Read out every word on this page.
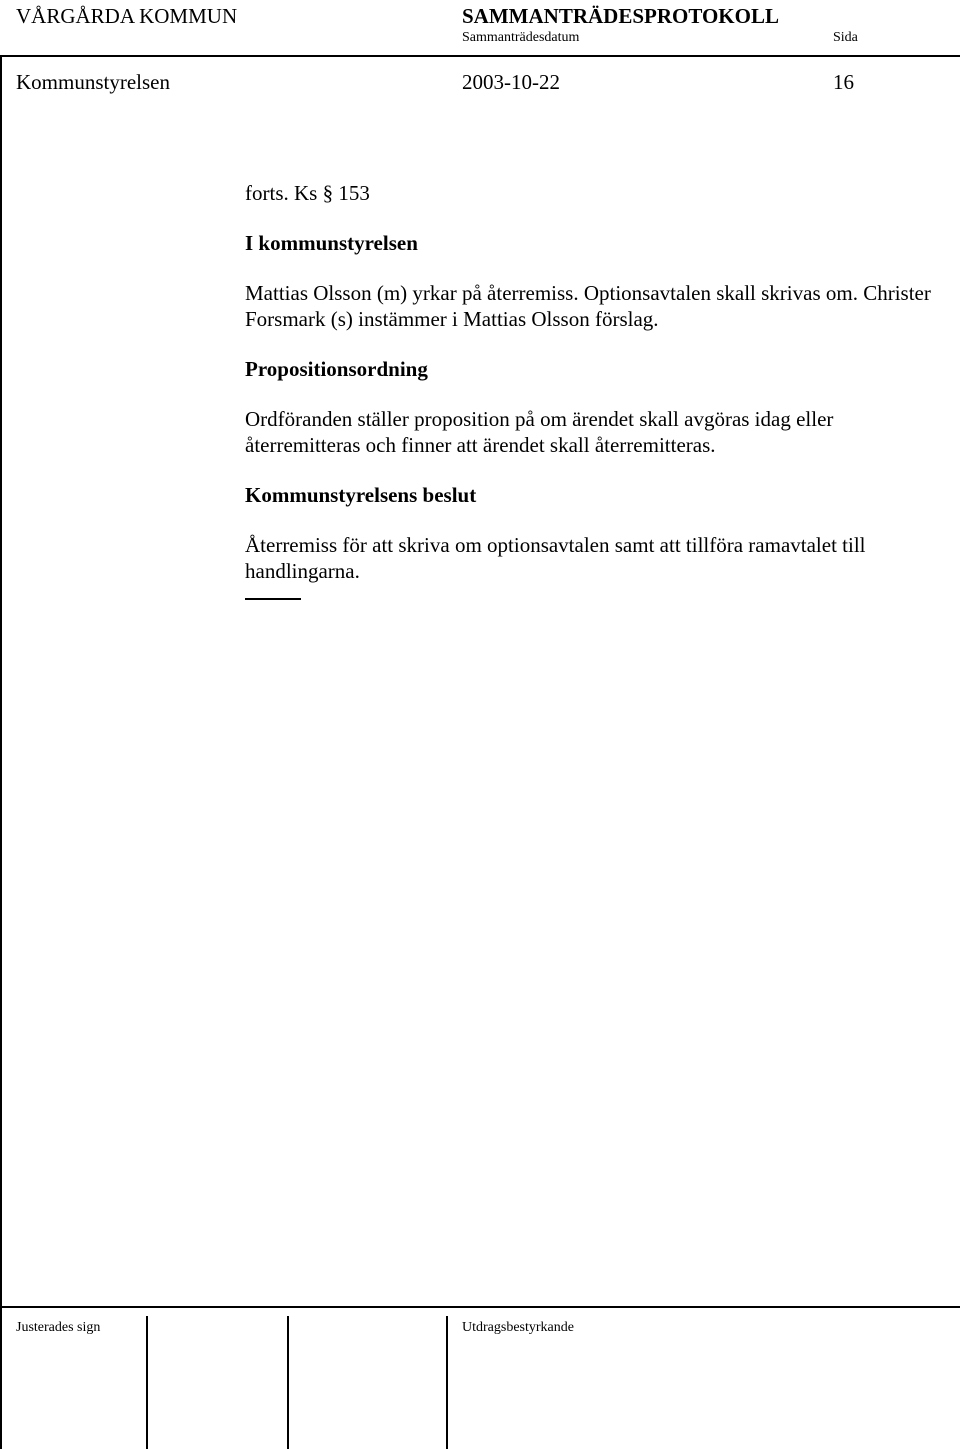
VÅRGÅRDA KOMMUN	SAMMANTRÄDESPROTOKOLL
Sammanträdesdatum	Sida
Kommunstyrelsen	2003-10-22	16
forts. Ks § 153
I kommunstyrelsen
Mattias Olsson (m) yrkar på återremiss. Optionsavtalen skall skrivas om. Christer Forsmark (s) instämmer i Mattias Olsson förslag.
Propositionsordning
Ordföranden ställer proposition på om ärendet skall avgöras idag eller återremitteras och finner att ärendet skall återremitteras.
Kommunstyrelsens beslut
Återremiss för att skriva om optionsavtalen samt att tillföra ramavtalet till handlingarna.
Justerades sign	Utdragsbestyrkande
